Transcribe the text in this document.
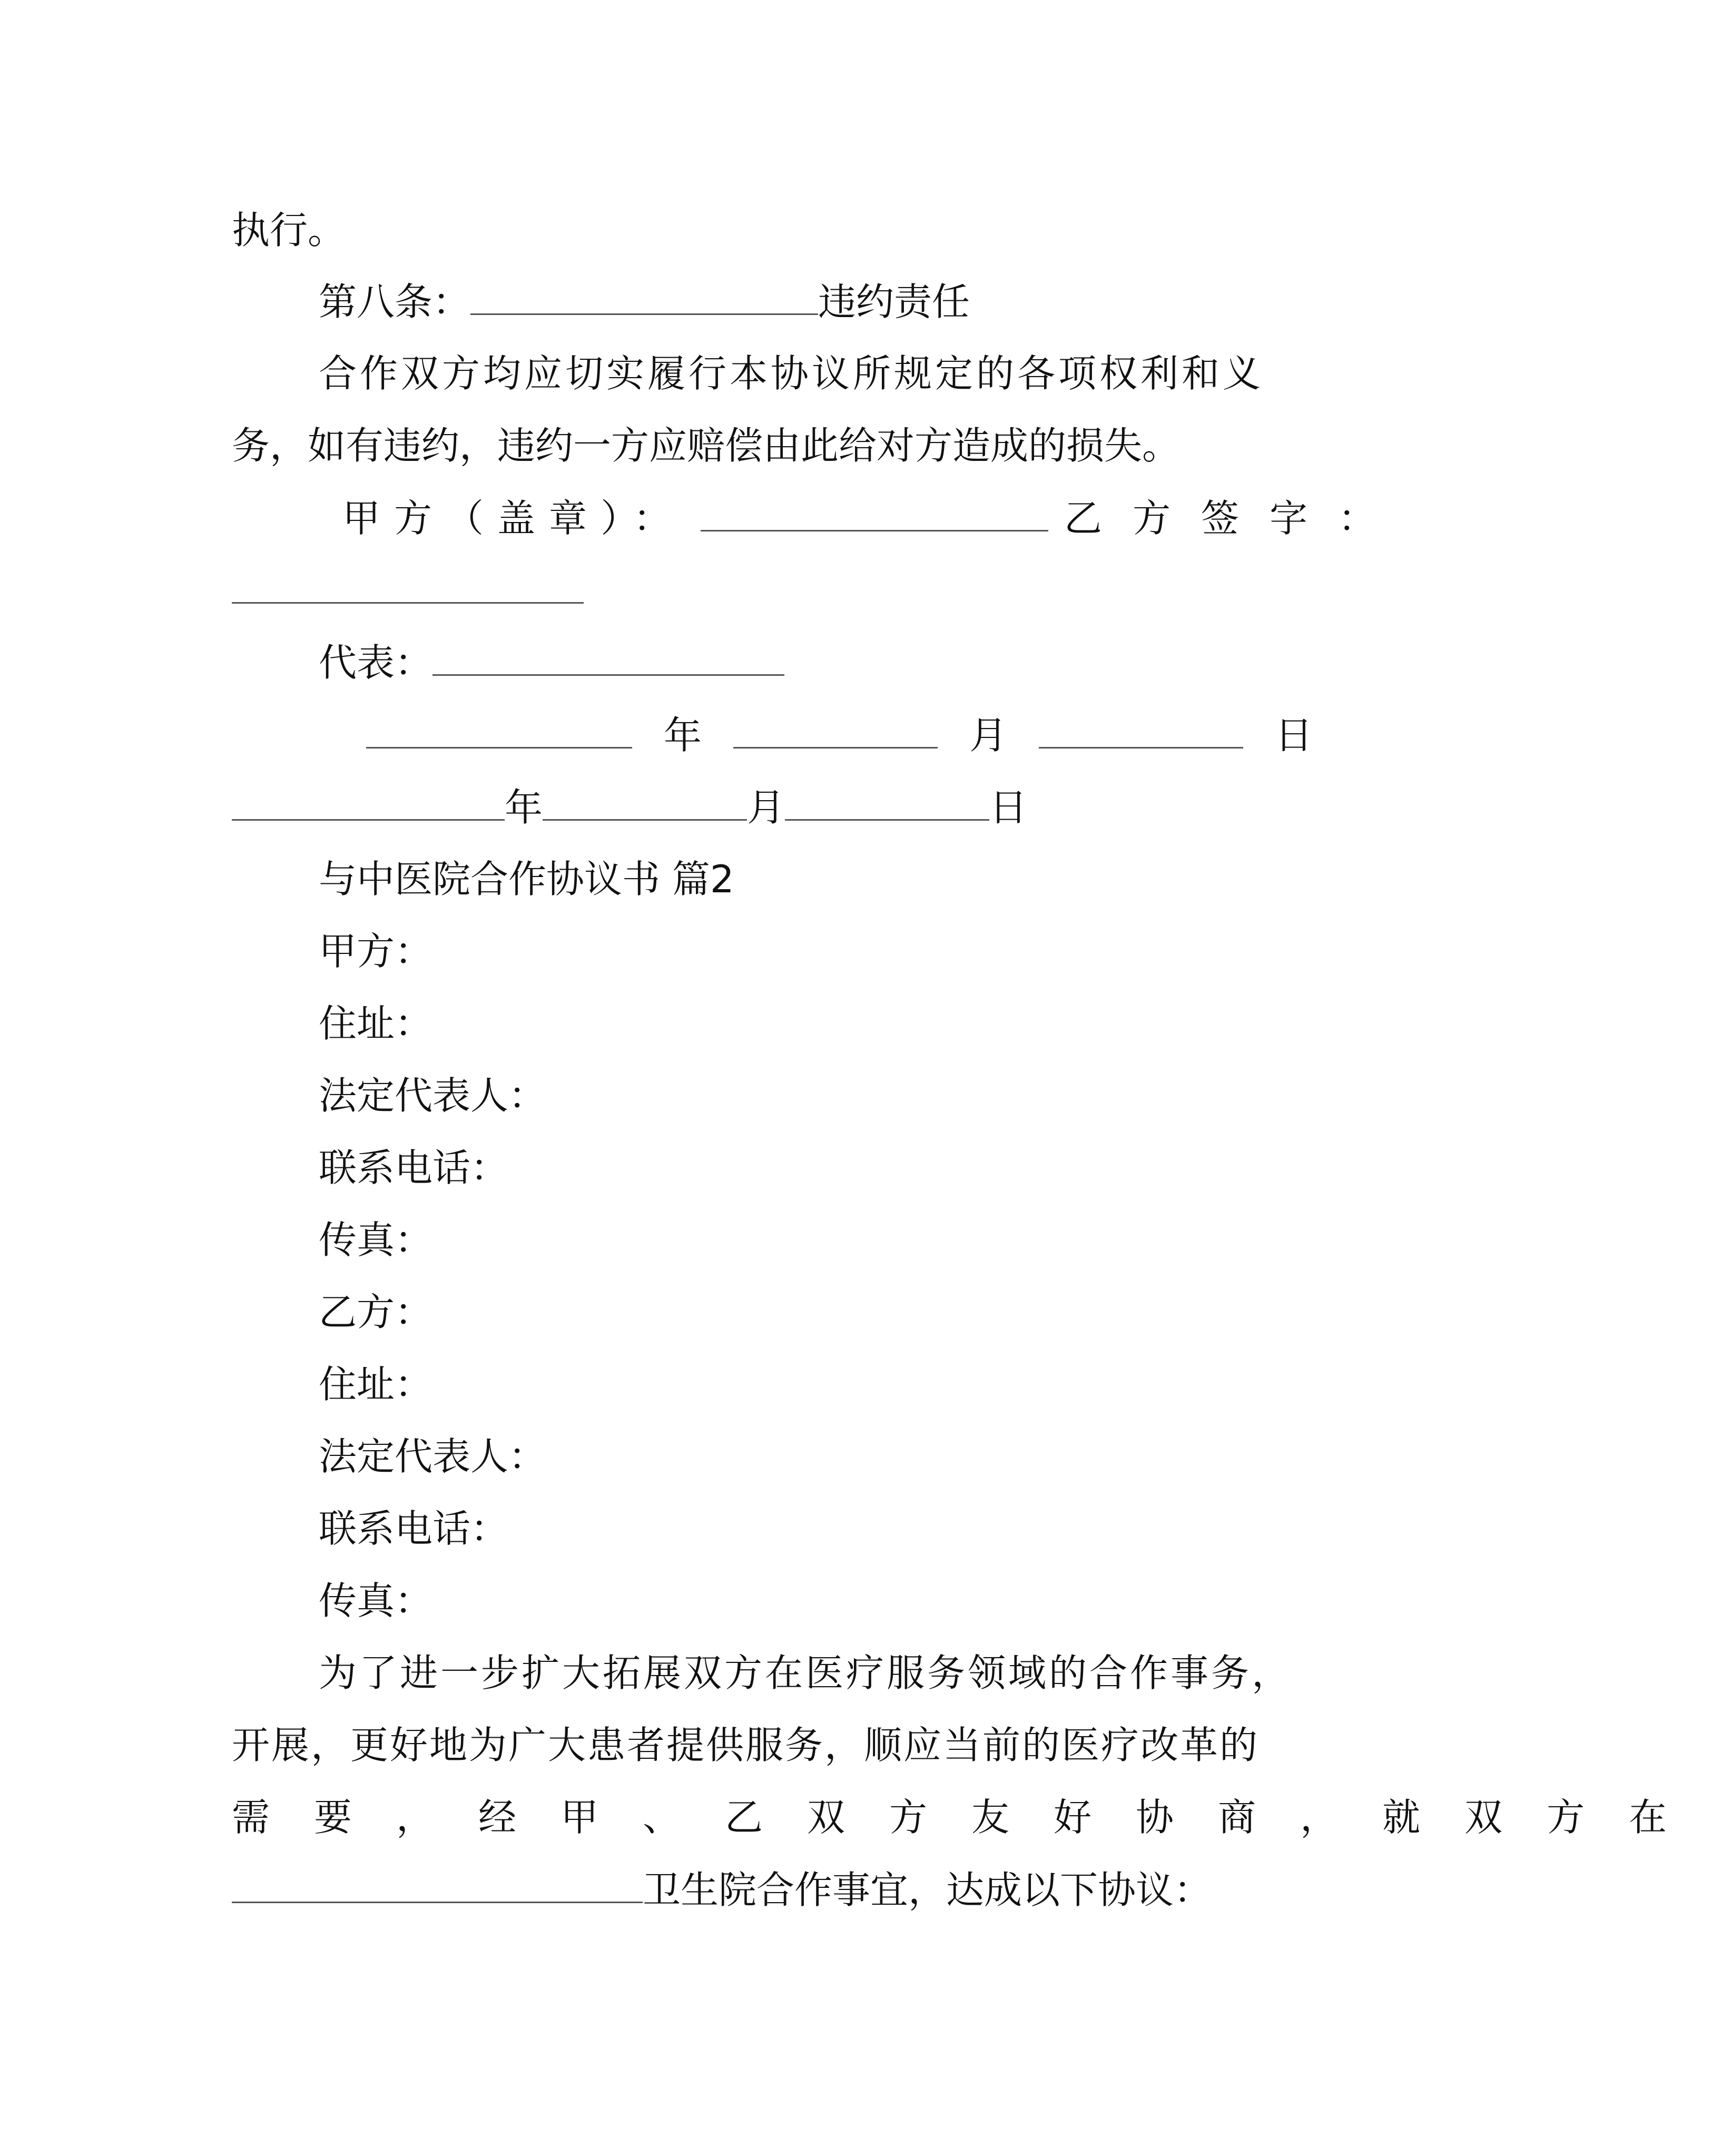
执行。
第八条：	违约责任
合作双方均应切实履行本协议所规定的各项权利和义
务，如有违约，违约一方应赔偿由此给对方造成的损失。
甲方（盖章）：	乙方签字：
代表：
年	月	日
年	月	日
与中医院合作协议书 篇2
甲方：
住址：
法定代表人：
联系电话：
传真：
乙方：
住址：
法定代表人：
联系电话：
传真：
为了进一步扩大拓展双方在医疗服务领域的合作事务，
开展，更好地为广大患者提供服务，顺应当前的医疗改革的
需要，经甲、乙双方友好协商，就双方在
卫生院合作事宜，达成以下协议：
